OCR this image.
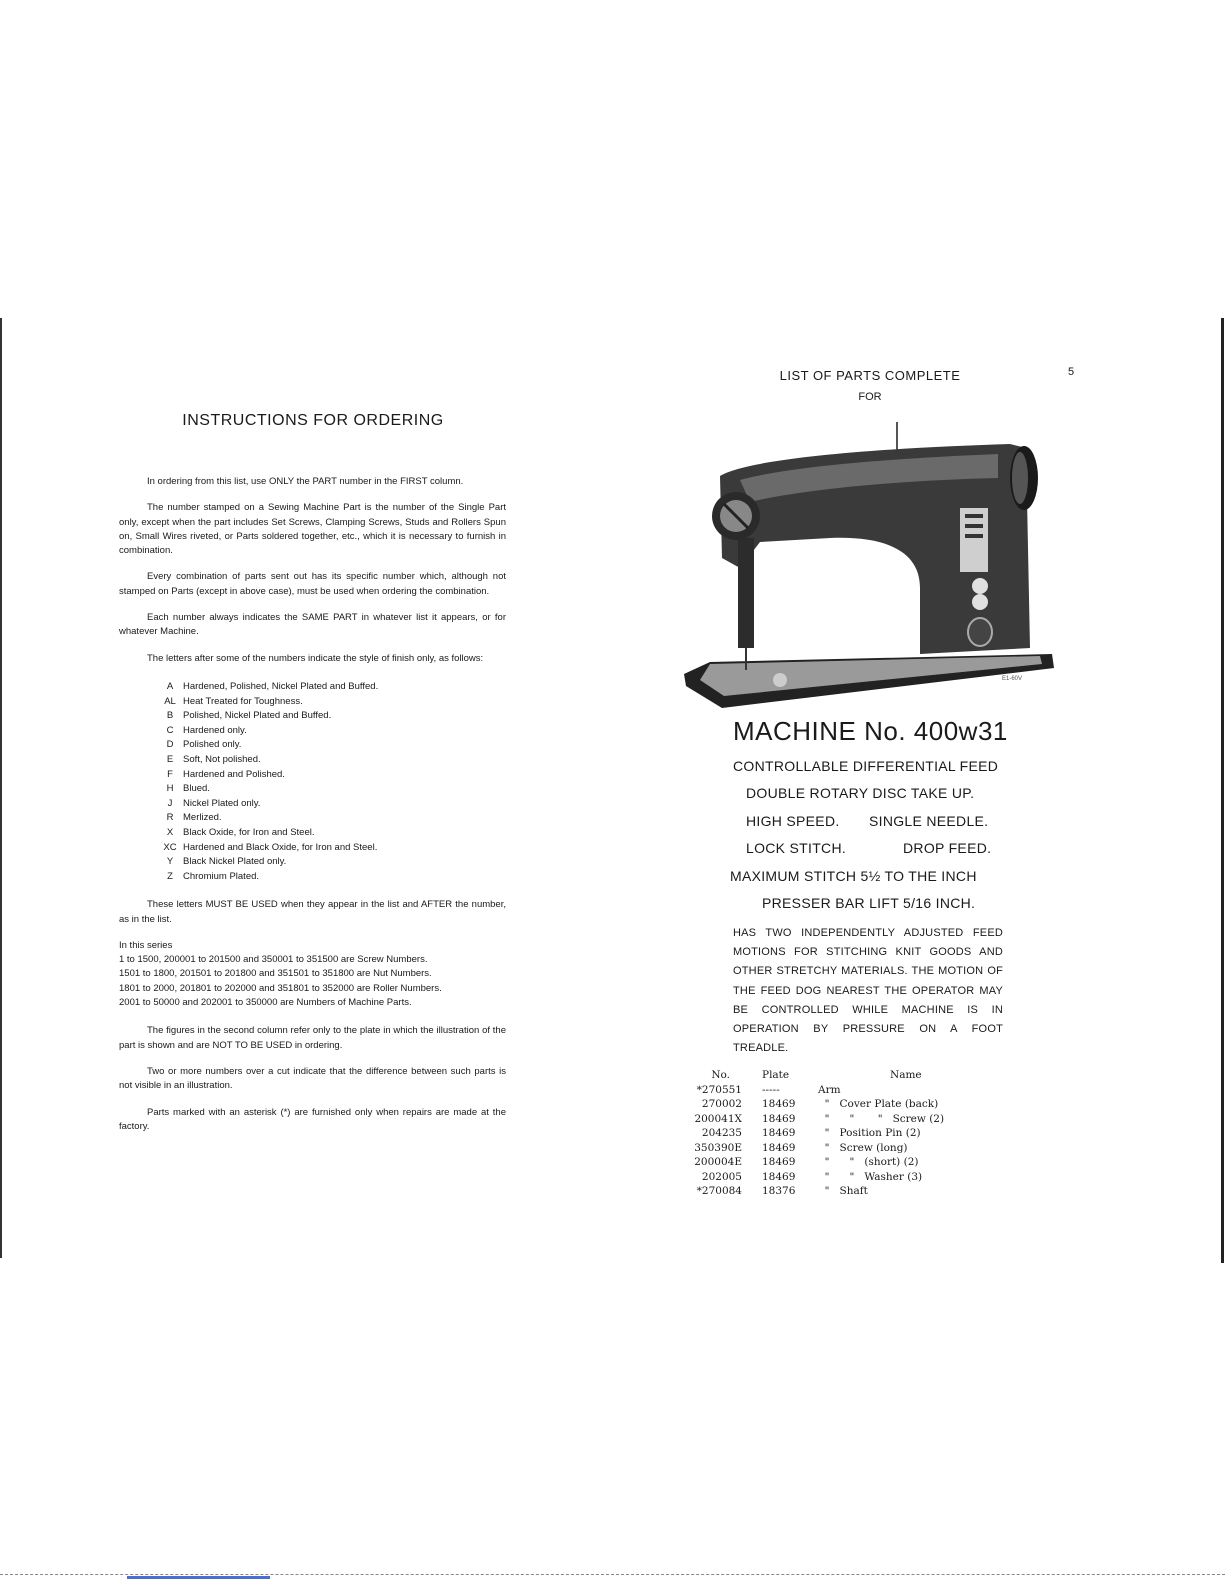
INSTRUCTIONS FOR ORDERING

In ordering from this list, use ONLY the PART number in the FIRST column.

The number stamped on a Sewing Machine Part is the number of the Single Part only, except when the part includes Set Screws, Clamping Screws, Studs and Rollers Spun on, Small Wires riveted, or Parts soldered together, etc., which it is necessary to furnish in combination.

Every combination of parts sent out has its specific number which, although not stamped on Parts (except in above case), must be used when ordering the combination.

Each number always indicates the SAME PART in whatever list it appears, or for whatever Machine.

The letters after some of the numbers indicate the style of finish only, as follows:

A	Hardened, Polished, Nickel Plated and Buffed.
AL Heat Treated for Toughness.
B	Polished, Nickel Plated and Buffed.
C	Hardened only.
D	Polished only.
E	Soft, Not polished.
F	Hardened and Polished.
H	Blued.
J	Nickel Plated only.
R	Merlized.
X	Black Oxide, for Iron and Steel.
XC Hardened and Black Oxide, for Iron and Steel.
Y	Black Nickel Plated only.
Z	Chromium Plated.

These letters MUST BE USED when they appear in the list and AFTER the number, as in the list.

In this series
1 to 1500, 200001 to 201500 and 350001 to 351500 are Screw Numbers.
1501 to 1800, 201501 to 201800 and 351501 to 351800 are Nut Numbers.
1801 to 2000, 201801 to 202000 and 351801 to 352000 are Roller Numbers.
2001 to 50000 and 202001 to 350000 are Numbers of Machine Parts.

The figures in the second column refer only to the plate in which the illustration of the part is shown and are NOT TO BE USED in ordering.

Two or more numbers over a cut indicate that the difference between such parts is not visible in an illustration.

Parts marked with an asterisk (*) are furnished only when repairs are made at the factory.

LIST OF PARTS COMPLETE
FOR
5
E1-60V
MACHINE No. 400w31
CONTROLLABLE DIFFERENTIAL FEED
DOUBLE ROTARY DISC TAKE UP.
HIGH SPEED. SINGLE NEEDLE.
LOCK STITCH.	DROP FEED.
MAXIMUM STITCH 5½ TO THE INCH
PRESSER BAR LIFT 5/16 INCH.
HAS TWO INDEPENDENTLY ADJUSTED FEED MOTIONS FOR STITCHING KNIT GOODS AND OTHER STRETCHY MATERIALS. THE MOTION OF THE FEED DOG NEAREST THE OPERATOR MAY BE CONTROLLED WHILE MACHINE IS IN OPERATION BY PRESSURE ON A FOOT TREADLE.
No.	Plate	Name
*270551 -----	Arm
270002 18469 "   Cover Plate (back)
200041X 18469 "      "       "   Screw (2)
204235 18469 "   Position Pin (2)
350390E 18469 "   Screw (long)
200004E 18469 "      "   (short) (2)
202005 18469 "      "   Washer (3)
*270084 18376 "   Shaft
